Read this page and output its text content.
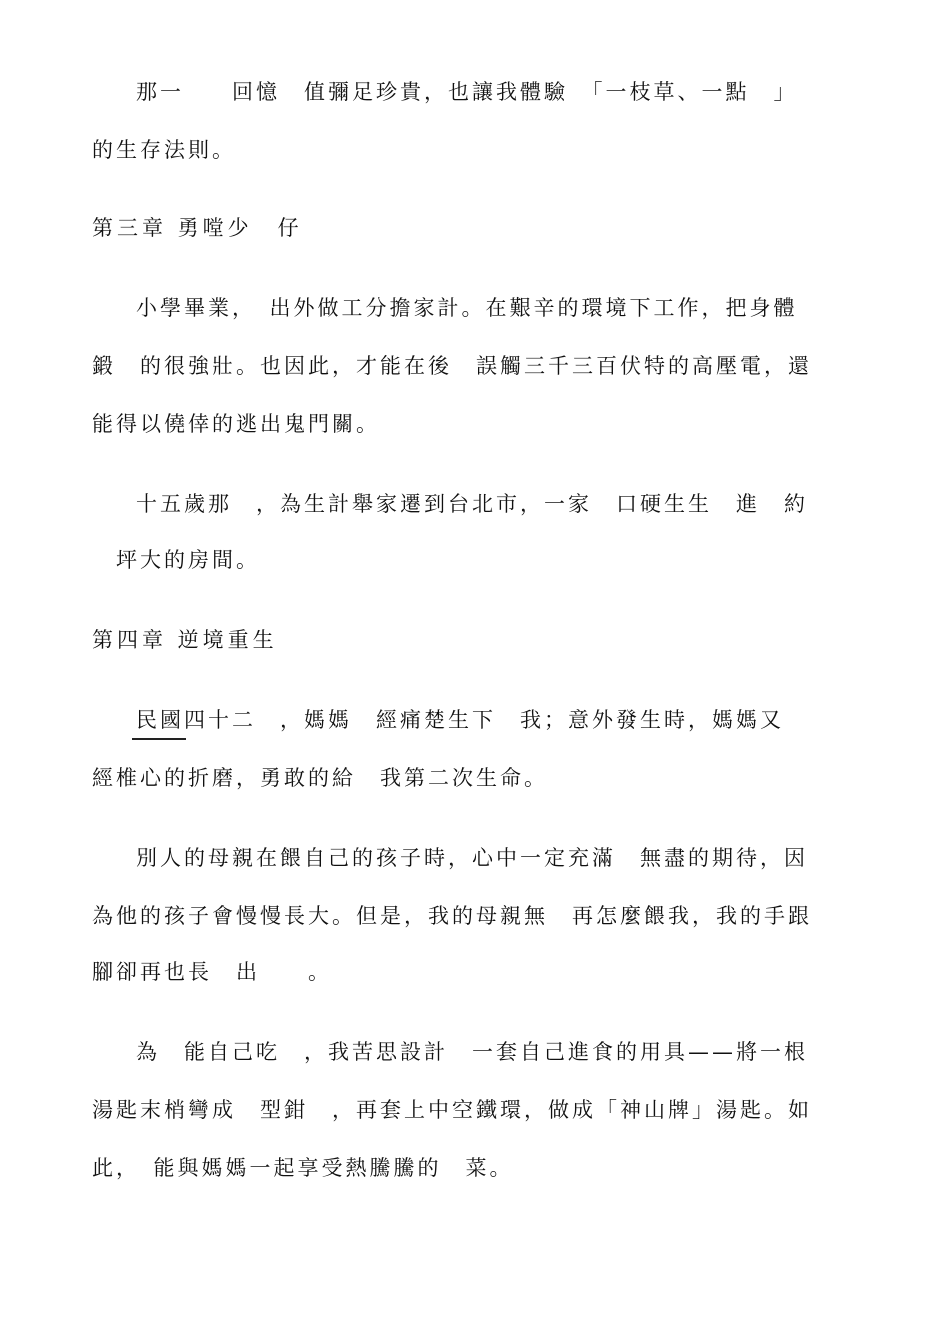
那一　　回憶　值彌足珍貴，也讓我體驗　「一枝草、一點　」
的生存法則。
第三章 勇嘡少　仔
小學畢業，　出外做工分擔家計。在艱辛的環境下工作，把身體
鍛　的很強壯。也因此，才能在後　誤觸三千三百伏特的高壓電，還
能得以僥倖的逃出鬼門關。
十五歲那　，為生計舉家遷到台北市，一家　口硬生生　進　約
　坪大的房間。
第四章 逆境重生
民國四十二　，媽媽　經痛楚生下　我；意外發生時，媽媽又
經椎心的折磨，勇敢的給　我第二次生命。
別人的母親在餵自己的孩子時，心中一定充滿　無盡的期待，因
為他的孩子會慢慢長大。但是，我的母親無　再怎麼餵我，我的手跟
腳卻再也長　出　　。
為　能自己吃　，我苦思設計　一套自己進食的用具——將一根
湯匙末梢彎成　型鉗　，再套上中空鐵環，做成「神山牌」湯匙。如
此，　能與媽媽一起享受熱騰騰的　菜。
